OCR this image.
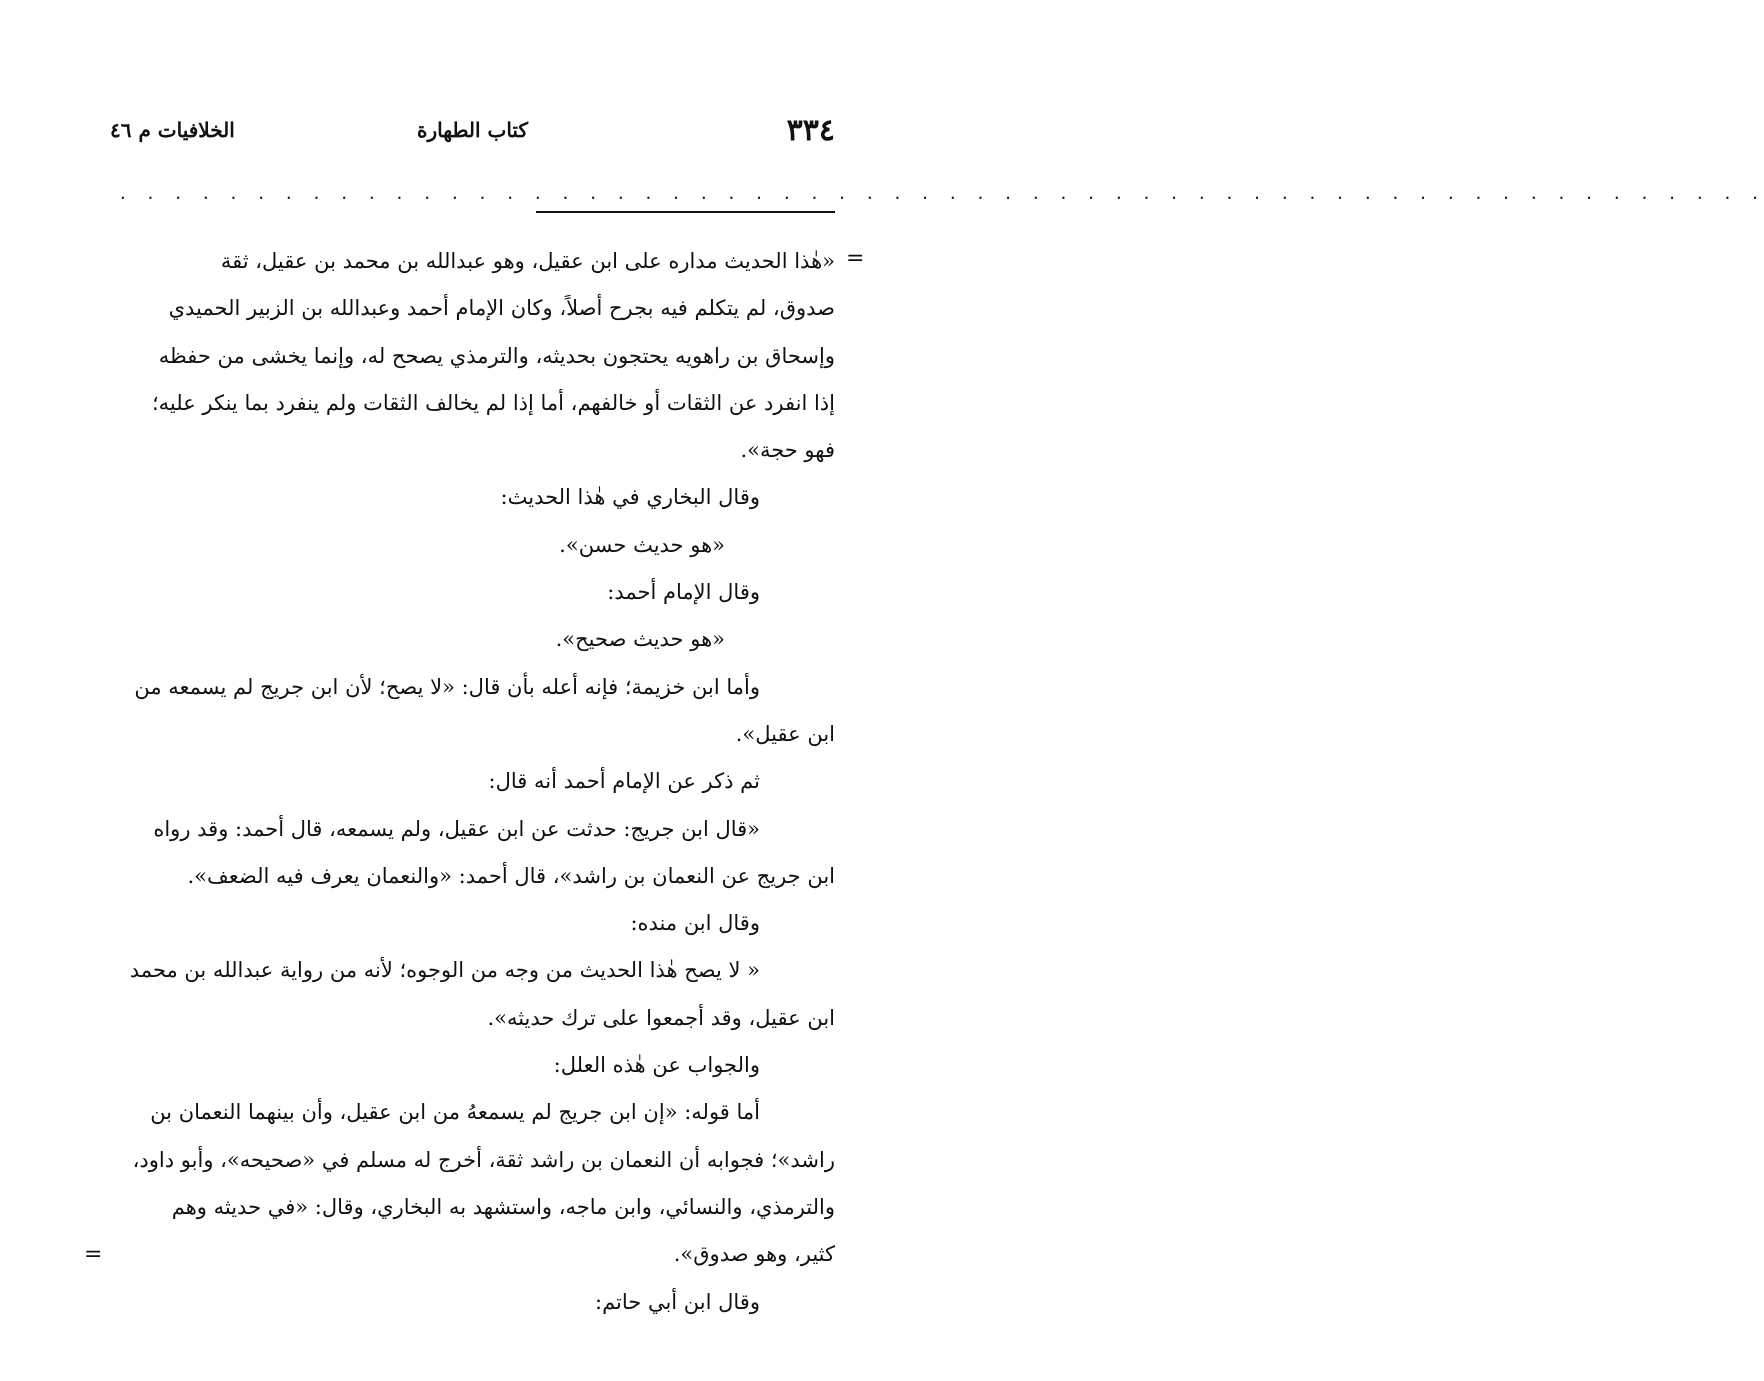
٣٣٤
كتاب الطهارة
الخلافيات م ٤٦
. . . . . . . . . . . . . . . . . . . . . . . . . . . . . . . . . . . . . . . . . . . . . . . . . . . . . . . . . . . .
=
=
«هٰذا الحديث مداره على ابن عقيل، وهو عبدالله بن محمد بن عقيل، ثقة
صدوق، لم يتكلم فيه بجرح أصلاً، وكان الإمام أحمد وعبدالله بن الزبير الحميدي
وإسحاق بن راهويه يحتجون بحديثه، والترمذي يصحح له، وإنما يخشى من حفظه
إذا انفرد عن الثقات أو خالفهم، أما إذا لم يخالف الثقات ولم ينفرد بما ينكر عليه؛
فهو حجة».
وقال البخاري في هٰذا الحديث:
«هو حديث حسن».
وقال الإمام أحمد:
«هو حديث صحيح».
وأما ابن خزيمة؛ فإنه أعله بأن قال: «لا يصح؛ لأن ابن جريج لم يسمعه من
ابن عقيل».
ثم ذكر عن الإمام أحمد أنه قال:
«قال ابن جريج: حدثت عن ابن عقيل، ولم يسمعه، قال أحمد: وقد رواه
ابن جريج عن النعمان بن راشد»، قال أحمد: «والنعمان يعرف فيه الضعف».
وقال ابن منده:
« لا يصح هٰذا الحديث من وجه من الوجوه؛ لأنه من رواية عبدالله بن محمد
ابن عقيل، وقد أجمعوا على ترك حديثه».
والجواب عن هٰذه العلل:
أما قوله: «إن ابن جريج لم يسمعهُ من ابن عقيل، وأن بينهما النعمان بن
راشد»؛ فجوابه أن النعمان بن راشد ثقة، أخرج له مسلم في «صحيحه»، وأبو داود،
والترمذي، والنسائي، وابن ماجه، واستشهد به البخاري، وقال: «في حديثه وهم
كثير، وهو صدوق».
وقال ابن أبي حاتم:
